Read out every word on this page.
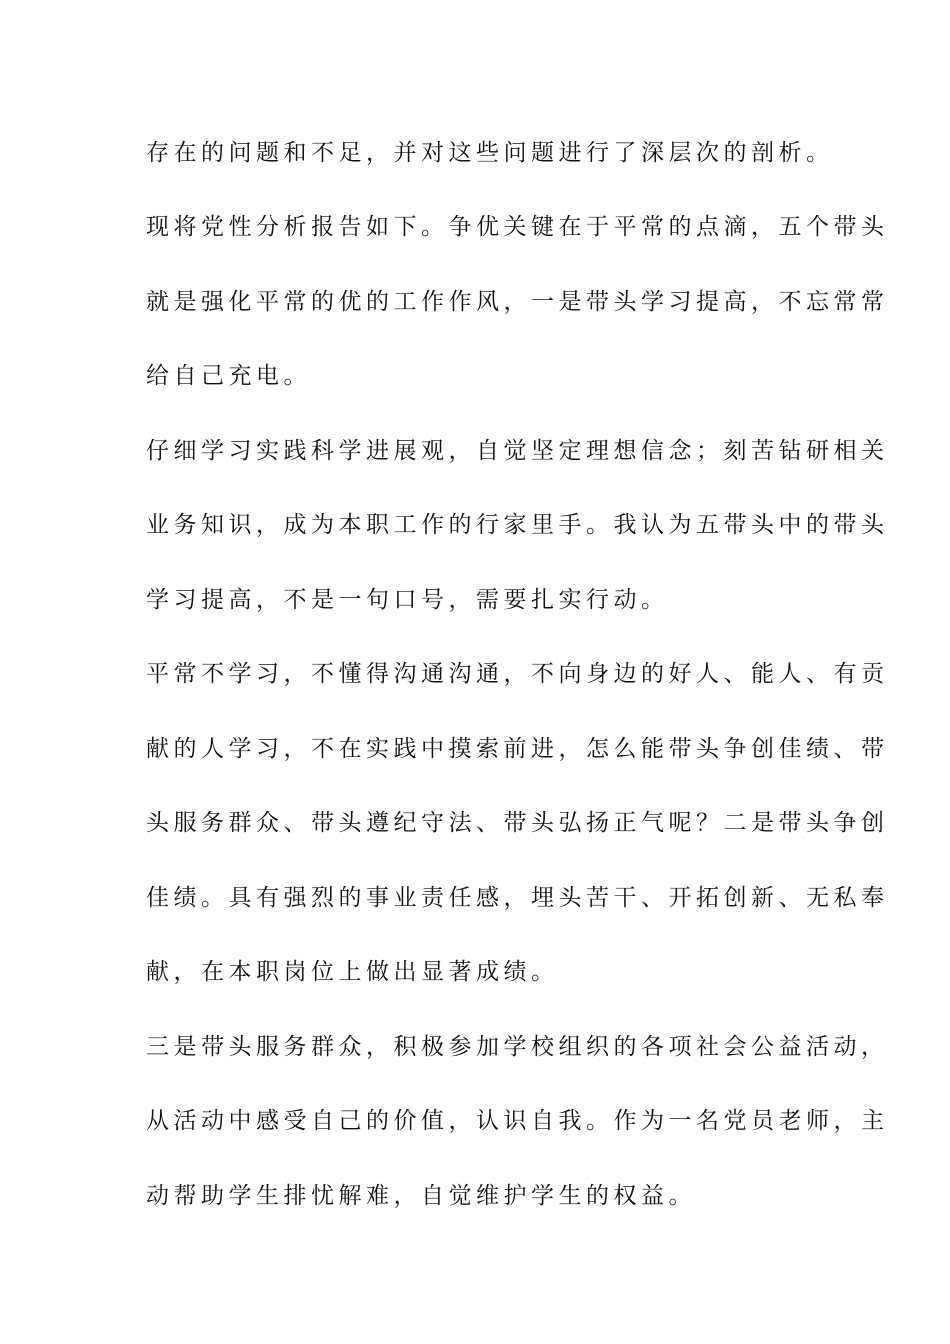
存在的问题和不足，并对这些问题进行了深层次的剖析。
现将党性分析报告如下。争优关键在于平常的点滴，五个带头
就是强化平常的优的工作作风，一是带头学习提高，不忘常常
给自己充电。
仔细学习实践科学进展观，自觉坚定理想信念；刻苦钻研相关
业务知识，成为本职工作的行家里手。我认为五带头中的带头
学习提高，不是一句口号，需要扎实行动。
平常不学习，不懂得沟通沟通，不向身边的好人、能人、有贡
献的人学习，不在实践中摸索前进，怎么能带头争创佳绩、带
头服务群众、带头遵纪守法、带头弘扬正气呢？二是带头争创
佳绩。具有强烈的事业责任感，埋头苦干、开拓创新、无私奉
献，在本职岗位上做出显著成绩。
三是带头服务群众，积极参加学校组织的各项社会公益活动，
从活动中感受自己的价值，认识自我。作为一名党员老师，主
动帮助学生排忧解难，自觉维护学生的权益。
